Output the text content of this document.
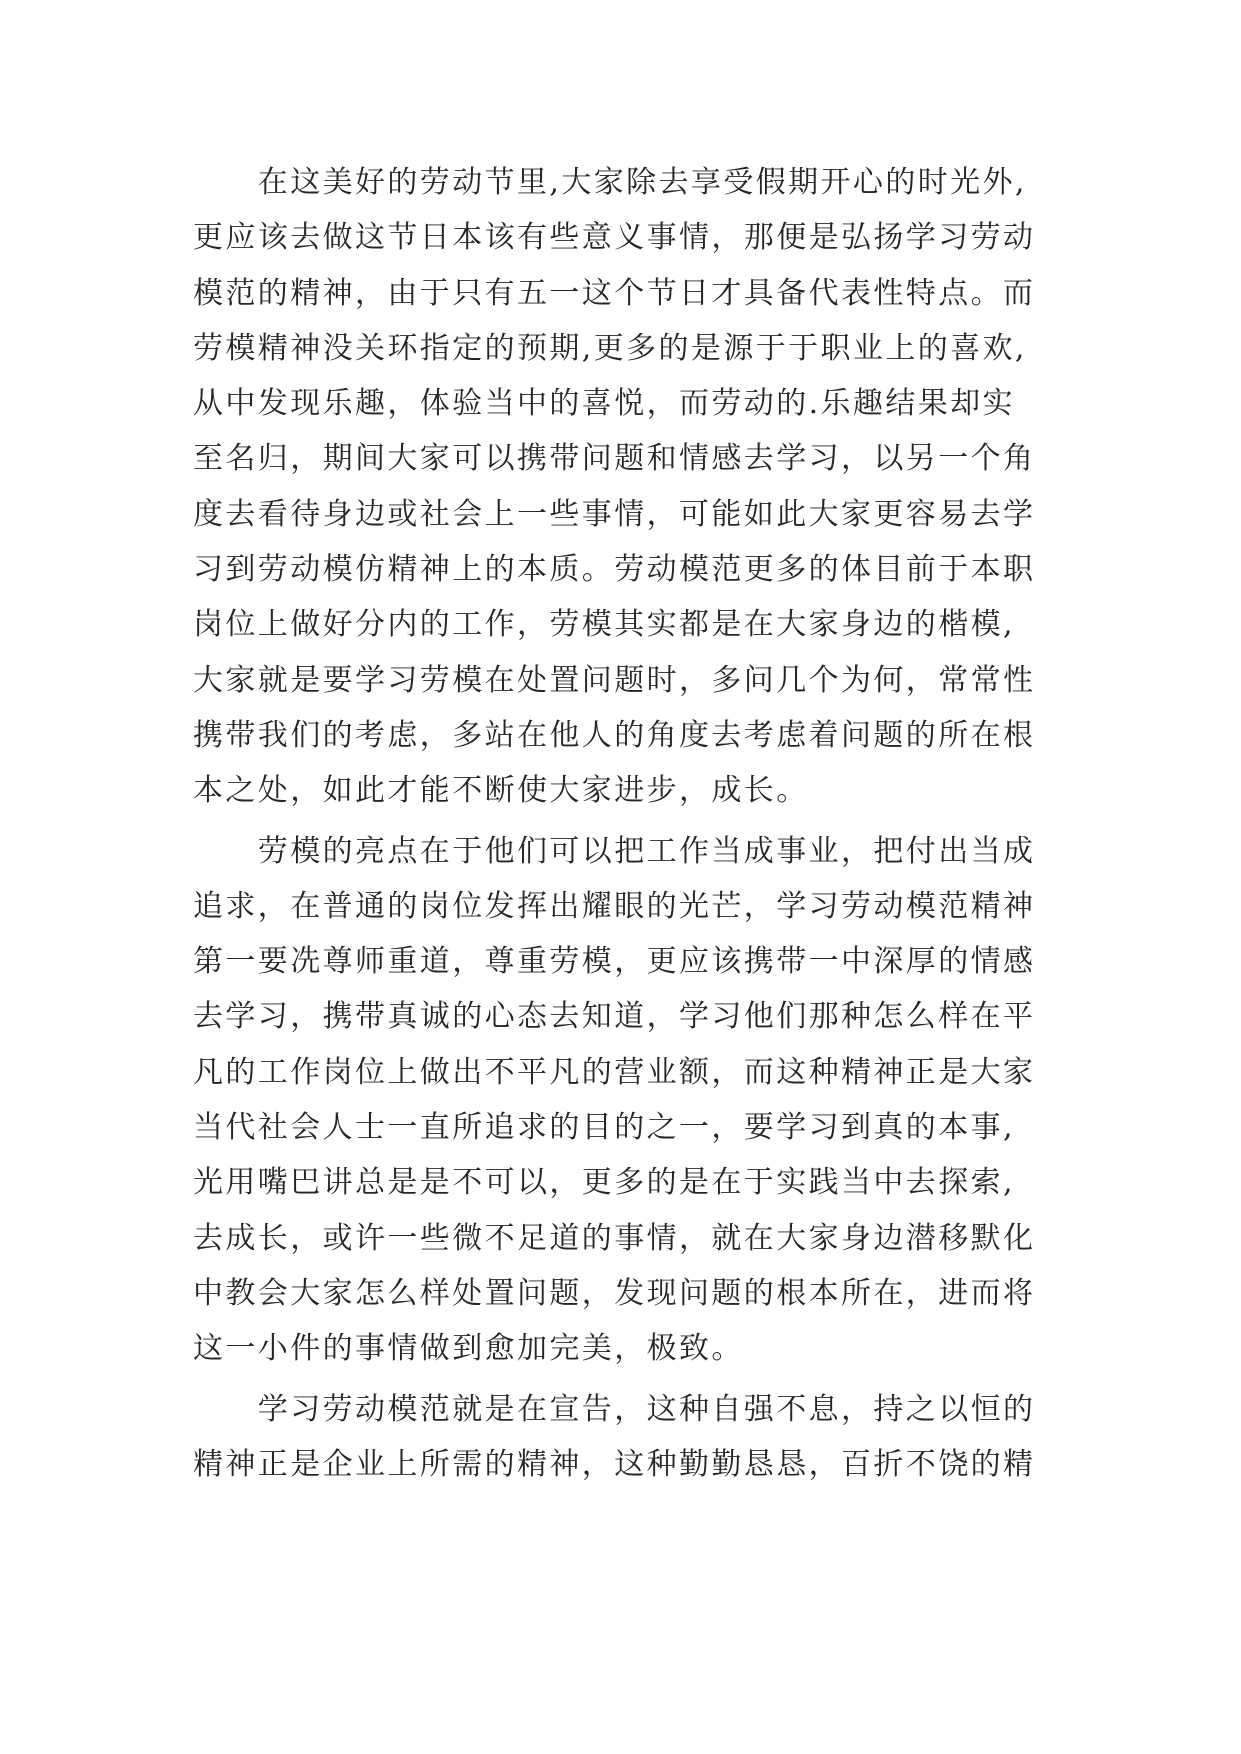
　　在这美好的劳动节里,大家除去享受假期开心的时光外,
更应该去做这节日本该有些意义事情，那便是弘扬学习劳动
模范的精神，由于只有五一这个节日才具备代表性特点。而
劳模精神没关环指定的预期,更多的是源于于职业上的喜欢,
从中发现乐趣，体验当中的喜悦，而劳动的.乐趣结果却实
至名归，期间大家可以携带问题和情感去学习，以另一个角
度去看待身边或社会上一些事情，可能如此大家更容易去学
习到劳动模仿精神上的本质。劳动模范更多的体目前于本职
岗位上做好分内的工作，劳模其实都是在大家身边的楷模,
大家就是要学习劳模在处置问题时，多问几个为何，常常性
携带我们的考虑，多站在他人的角度去考虑着问题的所在根
本之处，如此才能不断使大家进步，成长。
　　劳模的亮点在于他们可以把工作当成事业，把付出当成
追求，在普通的岗位发挥出耀眼的光芒，学习劳动模范精神
第一要冼尊师重道，尊重劳模，更应该携带一中深厚的情感
去学习，携带真诚的心态去知道，学习他们那种怎么样在平
凡的工作岗位上做出不平凡的营业额，而这种精神正是大家
当代社会人士一直所追求的目的之一，要学习到真的本事,
光用嘴巴讲总是是不可以，更多的是在于实践当中去探索,
去成长，或许一些微不足道的事情，就在大家身边潜移默化
中教会大家怎么样处置问题，发现问题的根本所在，进而将
这一小件的事情做到愈加完美，极致。
　　学习劳动模范就是在宣告，这种自强不息，持之以恒的
精神正是企业上所需的精神，这种勤勤恳恳，百折不饶的精
